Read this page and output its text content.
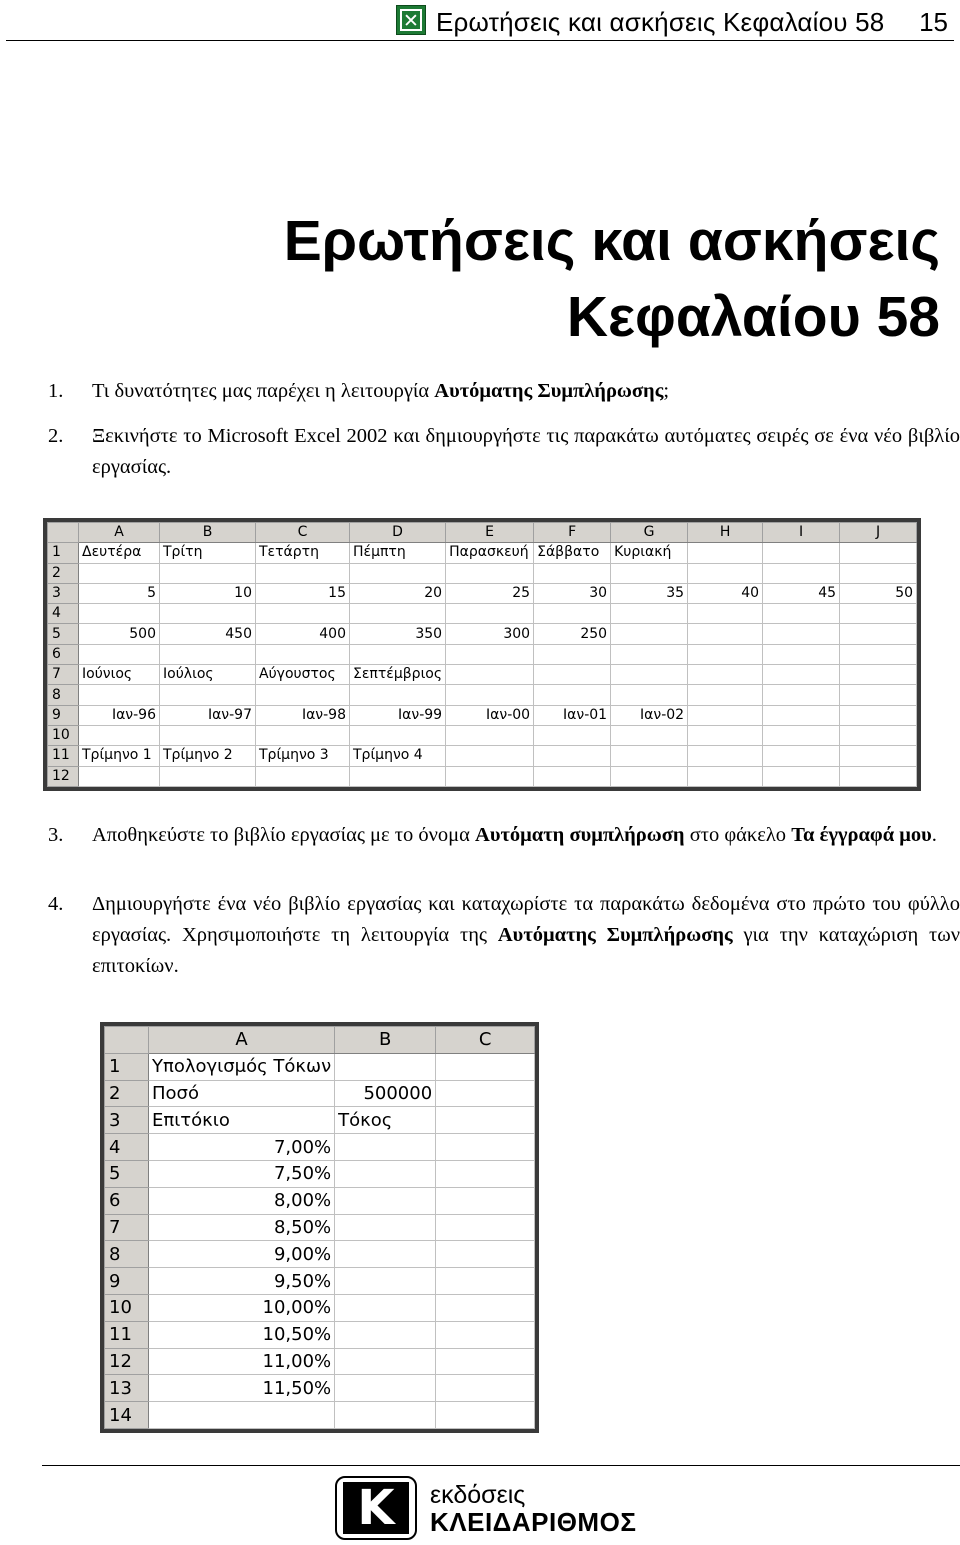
✕
Ερωτήσεις και ασκήσεις Κεφαλαίου 58 15
Ερωτήσεις και ασκήσεις
Κεφαλαίου 58
1. Τι δυνατότητες μας παρέχει η λειτουργία Αυτόματης Συμπλήρωσης;
2. Ξεκινήστε το Microsoft Excel 2002 και δημιουργήστε τις παρακάτω αυτόματες σειρές σε ένα νέο βιβλίο εργασίας.
	A	B	C	D	E	F	G	H	I	J
1	Δευτέρα	Τρίτη	Τετάρτη	Πέμπτη	Παρασκευή	Σάββατο	Κυριακή			
2										
3	5	10	15	20	25	30	35	40	45	50
4										
5	500	450	400	350	300	250				
6										
7	Ιούνιος	Ιούλιος	Αύγουστος	Σεπτέμβριος						
8										
9	Ιαν-96	Ιαν-97	Ιαν-98	Ιαν-99	Ιαν-00	Ιαν-01	Ιαν-02			
10										
11	Τρίμηνο 1	Τρίμηνο 2	Τρίμηνο 3	Τρίμηνο 4						
12										
3. Αποθηκεύστε το βιβλίο εργασίας με το όνομα Αυτόματη συμπλήρωση στο φάκελο Τα έγγραφά μου.
4. Δημιουργήστε ένα νέο βιβλίο εργασίας και καταχωρίστε τα παρακάτω δεδομένα στο πρώτο του φύλλο εργασίας. Χρησιμοποιήστε τη λειτουργία της Αυτόματης Συμπλήρωσης για την καταχώριση των επιτοκίων.
	A	B	C
1	Υπολογισμός Τόκων		
2	Ποσό	500000	
3	Επιτόκιο	Τόκος	
4	7,00%		
5	7,50%		
6	8,00%		
7	8,50%		
8	9,00%		
9	9,50%		
10	10,00%		
11	10,50%		
12	11,00%		
13	11,50%		
14			
K	εκδόσεις
ΚΛΕΙΔΑΡΙΘΜΟΣ
